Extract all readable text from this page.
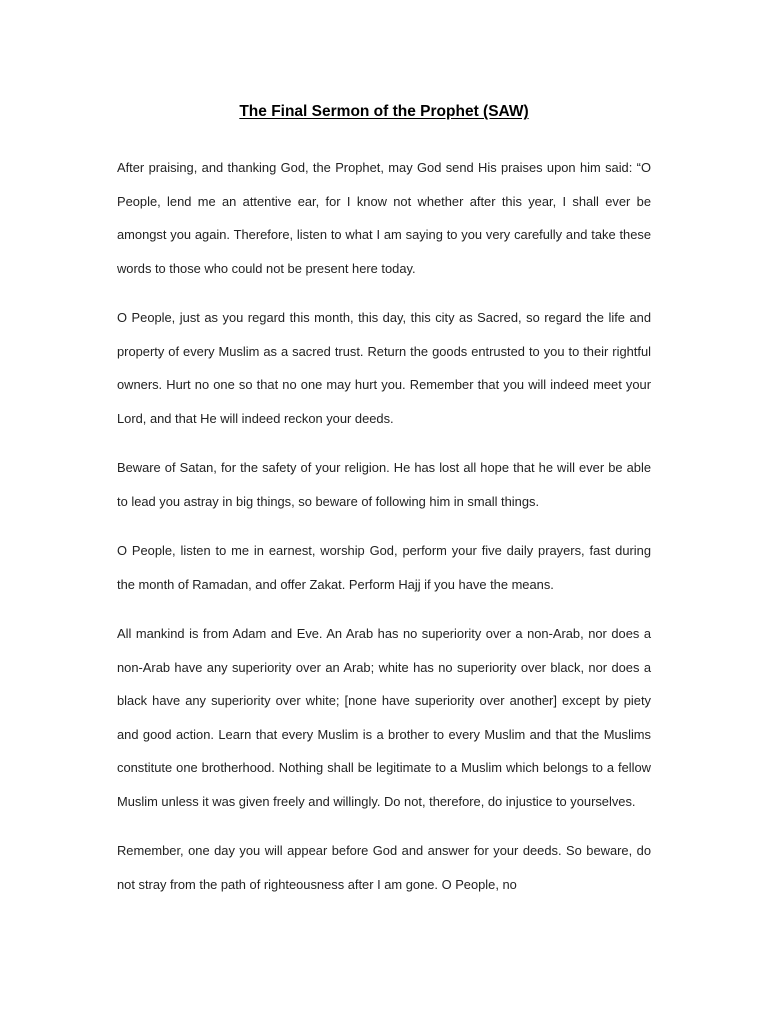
The Final Sermon of the Prophet (SAW)

After praising, and thanking God, the Prophet, may God send His praises upon him said: “O People, lend me an attentive ear, for I know not whether after this year, I shall ever be amongst you again. Therefore, listen to what I am saying to you very carefully and take these words to those who could not be present here today.

O People, just as you regard this month, this day, this city as Sacred, so regard the life and property of every Muslim as a sacred trust. Return the goods entrusted to you to their rightful owners. Hurt no one so that no one may hurt you. Remember that you will indeed meet your Lord, and that He will indeed reckon your deeds.

Beware of Satan, for the safety of your religion. He has lost all hope that he will ever be able to lead you astray in big things, so beware of following him in small things.

O People, listen to me in earnest, worship God, perform your five daily prayers, fast during the month of Ramadan, and offer Zakat. Perform Hajj if you have the means.

All mankind is from Adam and Eve. An Arab has no superiority over a non-Arab, nor does a non-Arab have any superiority over an Arab; white has no superiority over black, nor does a black have any superiority over white; [none have superiority over another] except by piety and good action. Learn that every Muslim is a brother to every Muslim and that the Muslims constitute one brotherhood. Nothing shall be legitimate to a Muslim which belongs to a fellow Muslim unless it was given freely and willingly. Do not, therefore, do injustice to yourselves.

Remember, one day you will appear before God and answer for your deeds. So beware, do not stray from the path of righteousness after I am gone. O People, no
